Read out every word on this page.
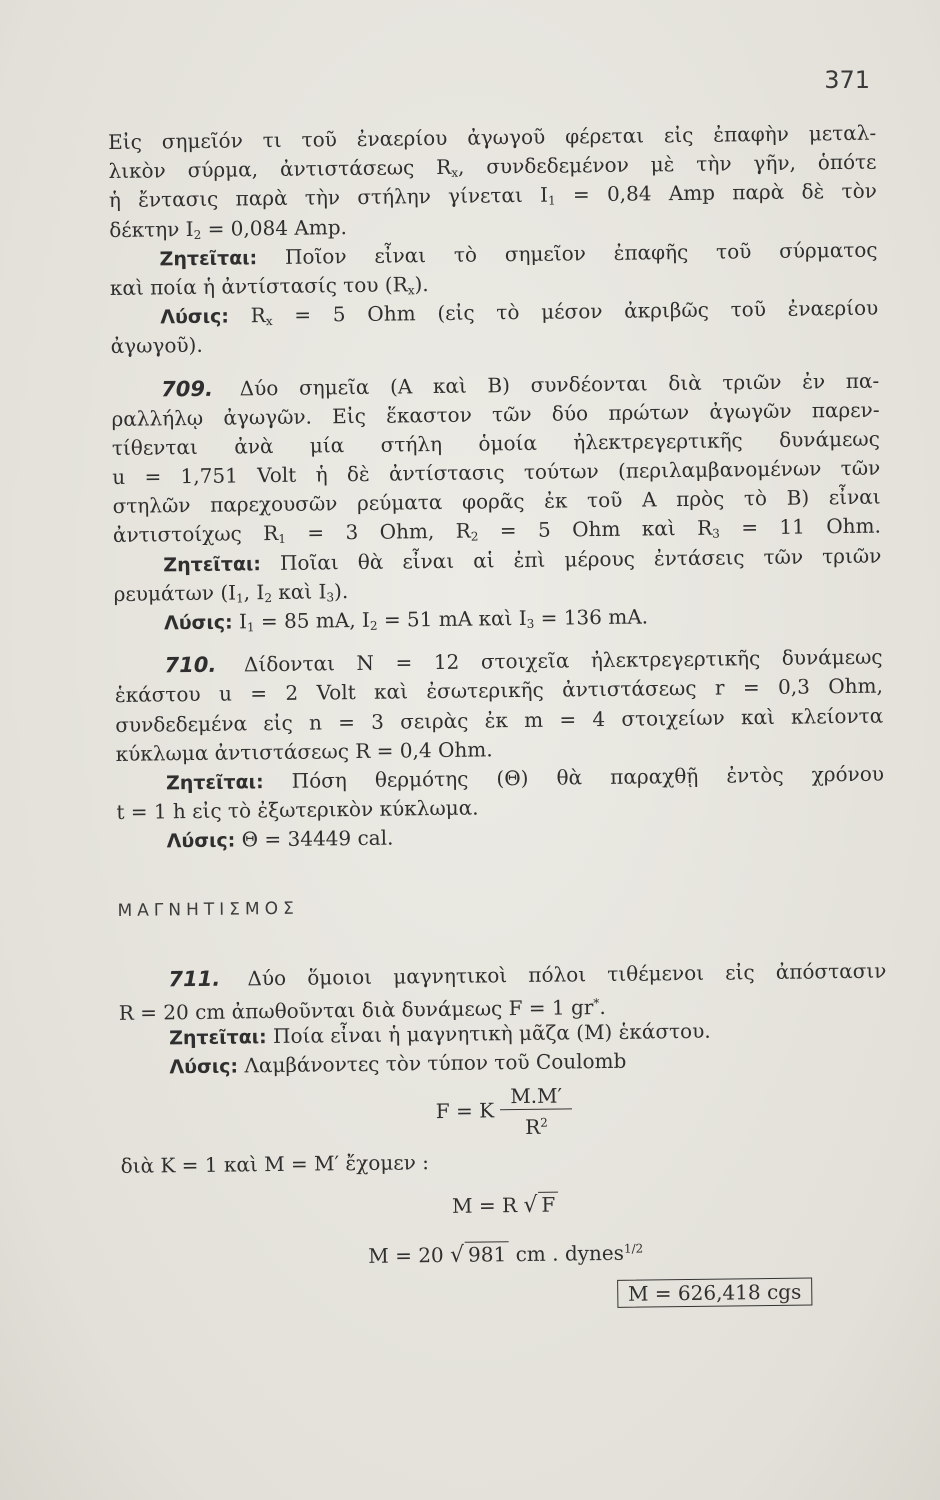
371
Εἰς σημεῖόν τι τοῦ ἐναερίου ἀγωγοῦ φέρεται εἰς ἐπαφὴν μεταλ-
λικὸν σύρμα, ἀντιστάσεως $R_x$, συνδεδεμένον μὲ τὴν γῆν, ὁπότε
ἡ ἔντασις παρὰ τὴν στήλην γίνεται $I_1 = 0,84$ Amp παρὰ δὲ τὸν
δέκτην $I_2 = 0,084$ Amp.
Ζητεῖται: Ποῖον εἶναι τὸ σημεῖον ἐπαφῆς τοῦ σύρματος
καὶ ποία ἡ ἀντίστασίς του $(R_x)$.
Λύσις: $R_x = 5$ Ohm (εἰς τὸ μέσον ἀκριβῶς τοῦ ἐναερίου
ἀγωγοῦ).
709. Δύο σημεῖα (A καὶ B) συνδέονται διὰ τριῶν ἐν πα-
ραλλήλῳ ἀγωγῶν. Εἰς ἕκαστον τῶν δύο πρώτων ἀγωγῶν παρεν-
τίθενται ἀνὰ μία στήλη ὁμοία ἠλεκτρεγερτικῆς δυνάμεως
u = 1,751 Volt ἡ δὲ ἀντίστασις τούτων (περιλαμβανομένων τῶν
στηλῶν παρεχουσῶν ρεύματα φορᾶς ἐκ τοῦ A πρὸς τὸ B) εἶναι
ἀντιστοίχως $R_1 = 3$ Ohm, $R_2 = 5$ Ohm καὶ $R_3 = 11$ Ohm.
Ζητεῖται: Ποῖαι θὰ εἶναι αἱ ἐπὶ μέρους ἐντάσεις τῶν τριῶν
ρευμάτων ($I_1$, $I_2$ καὶ $I_3$).
Λύσις: $I_1 = 85$ mA, $I_2 = 51$ mA καὶ $I_3 = 136$ mA.
710. Δίδονται N = 12 στοιχεῖα ἠλεκτρεγερτικῆς δυνάμεως
ἑκάστου u = 2 Volt καὶ ἐσωτερικῆς ἀντιστάσεως r = 0,3 Ohm,
συνδεδεμένα εἰς n = 3 σειρὰς ἐκ m = 4 στοιχείων καὶ κλείοντα
κύκλωμα ἀντιστάσεως R = 0,4 Ohm.
Ζητεῖται: Πόση θερμότης (Θ) θὰ παραχθῇ ἐντὸς χρόνου
t = 1 h εἰς τὸ ἐξωτερικὸν κύκλωμα.
Λύσις: Θ = 34449 cal.
ΜΑΓΝΗΤΙΣΜΟΣ
711. Δύο ὅμοιοι μαγνητικοὶ πόλοι τιθέμενοι εἰς ἀπόστασιν
R = 20 cm ἀπωθοῦνται διὰ δυνάμεως F = 1 gr*.
Ζητεῖται: Ποία εἶναι ἡ μαγνητικὴ μᾶζα (M) ἑκάστου.
Λύσις: Λαμβάνοντες τὸν τύπον τοῦ Coulomb
F = K $\frac{M.M'}{R^2}$
διὰ K = 1 καὶ M = M′ ἔχομεν :
M = R √ F
M = 20 √ 981 cm . dynes$^{1/2}$
M = 626,418 cgs
